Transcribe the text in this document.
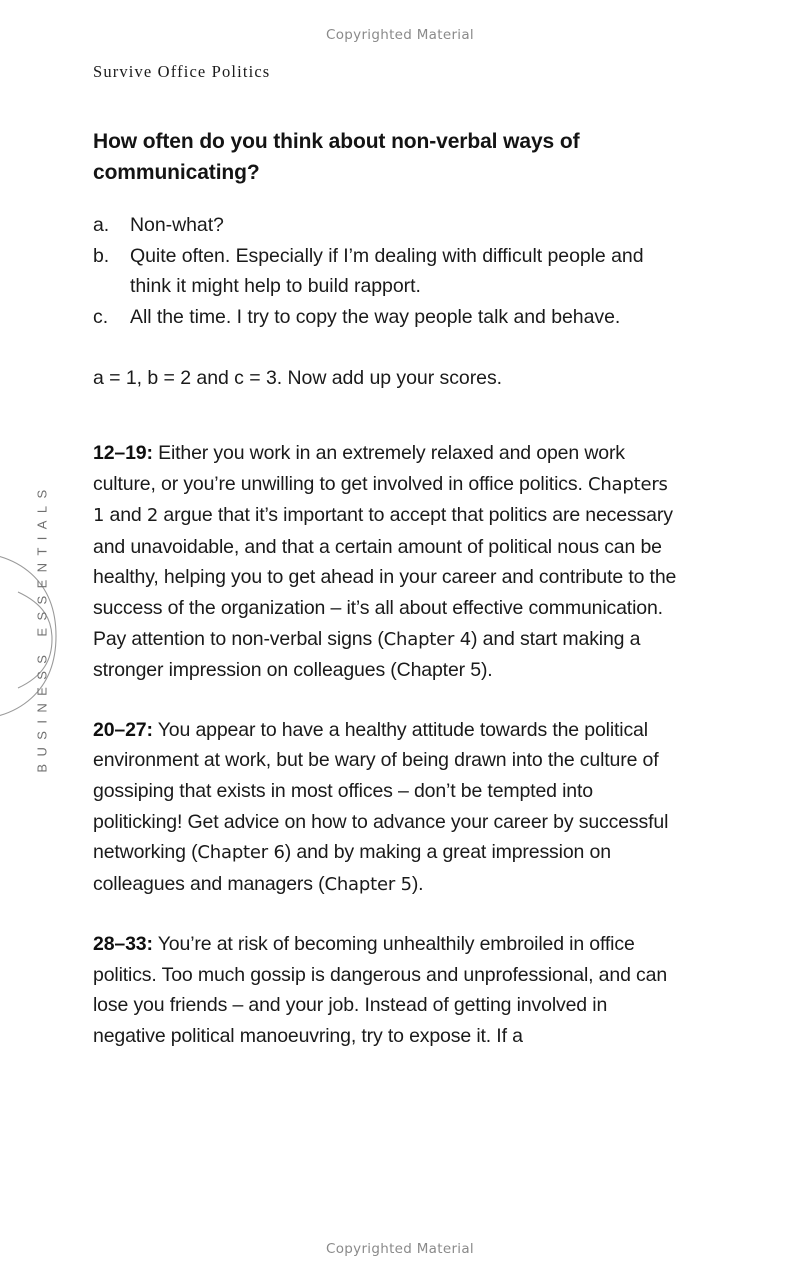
Copyrighted Material
Survive Office Politics
BUSINESS ESSENTIALS
How often do you think about non-verbal ways of communicating?
a.	Non-what?
b.	Quite often. Especially if I’m dealing with difficult people and think it might help to build rapport.
c.	All the time. I try to copy the way people talk and behave.

a = 1, b = 2 and c = 3. Now add up your scores.

12–19: Either you work in an extremely relaxed and open work culture, or you’re unwilling to get involved in office politics. Chapters 1 and 2 argue that it’s important to accept that politics are necessary and unavoidable, and that a certain amount of political nous can be healthy, helping you to get ahead in your career and contribute to the success of the organization – it’s all about effective communication. Pay attention to non-verbal signs (Chapter 4) and start making a stronger impression on colleagues (Chapter 5).

20–27: You appear to have a healthy attitude towards the political environment at work, but be wary of being drawn into the culture of gossiping that exists in most offices – don’t be tempted into politicking! Get advice on how to advance your career by successful networking (Chapter 6) and by making a great impression on colleagues and managers (Chapter 5).

28–33: You’re at risk of becoming unhealthily embroiled in office politics. Too much gossip is dangerous and unprofessional, and can lose you friends – and your job. Instead of getting involved in negative political manoeuvring, try to expose it. If a

Copyrighted Material
